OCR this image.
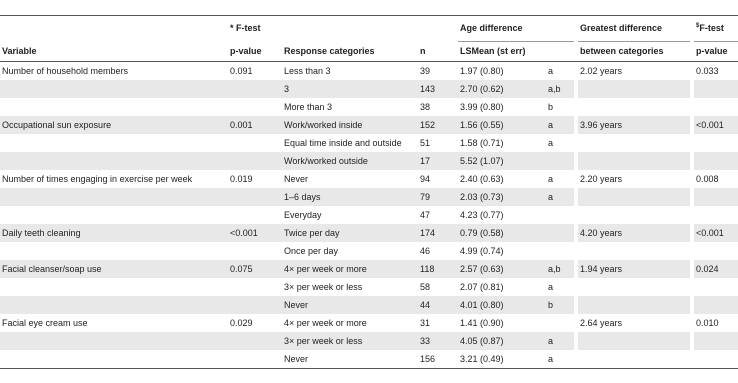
	* F-test			Age difference			Greatest difference		$F-test
Variable	p-value	Response categories	n	LSMean (st err)			between categories		p-value
Number of household members	0.091	Less than 3	39	1.97 (0.80)	a		2.02 years		0.033
		3	143	2.70 (0.62)	a,b				
		More than 3	38	3.99 (0.80)	b				
Occupational sun exposure	0.001	Work/worked inside	152	1.56 (0.55)	a		3.96 years		<0.001
		Equal time inside and outside	51	1.58 (0.71)	a				
		Work/worked outside	17	5.52 (1.07)					
Number of times engaging in exercise per week	0.019	Never	94	2.40 (0.63)	a		2.20 years		0.008
		1–6 days	79	2.03 (0.73)	a				
		Everyday	47	4.23 (0.77)					
Daily teeth cleaning	<0.001	Twice per day	174	0.79 (0.58)			4.20 years		<0.001
		Once per day	46	4.99 (0.74)					
Facial cleanser/soap use	0.075	4× per week or more	118	2.57 (0.63)	a,b		1.94 years		0.024
		3× per week or less	58	2.07 (0.81)	a				
		Never	44	4.01 (0.80)	b				
Facial eye cream use	0.029	4× per week or more	31	1.41 (0.90)			2.64 years		0.010
		3× per week or less	33	4.05 (0.87)	a				
		Never	156	3.21 (0.49)	a				
